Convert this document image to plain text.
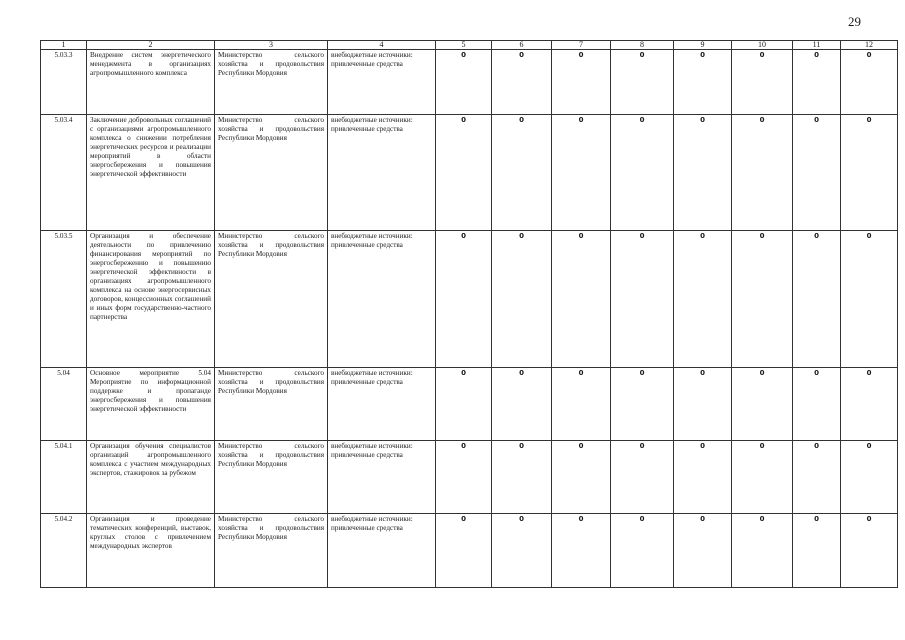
29
1	2	3	4	5	6	7	8	9	10	11	12
5.03.3	Внедрение систем энергетического менеджмента в организациях агропромышленного комплекса	Министерство сельского хозяйства и продовольствия Республики Мордовия	внебюджетные источники: привлеченные средства	0	0	0	0	0	0	0	0
5.03.4	Заключение добровольных соглашений с организациями агропромышленного комплекса о снижении потребления энергетических ресурсов и реализации мероприятий в области энергосбережения и повышения энергетической эффективности	Министерство сельского хозяйства и продовольствия Республики Мордовия	внебюджетные источники: привлеченные средства	0	0	0	0	0	0	0	0
5.03.5	Организация и обеспечение деятельности по привлечению финансирования мероприятий по энергосбережению и повышению энергетической эффективности в организациях агропромышленного комплекса на основе энергосервисных договоров, концессионных соглашений и иных форм государственно-частного партнерства	Министерство сельского хозяйства и продовольствия Республики Мордовия	внебюджетные источники: привлеченные средства	0	0	0	0	0	0	0	0
5.04	Основное мероприятие 5.04 Мероприятие по информационной поддержке и пропаганде энергосбережения и повышения энергетической эффективности	Министерство сельского хозяйства и продовольствия Республики Мордовия	внебюджетные источники: привлеченные средства	0	0	0	0	0	0	0	0
5.04.1	Организация обучения специалистов организаций агропромышленного комплекса с участием международных экспертов, стажировок за рубежом	Министерство сельского хозяйства и продовольствия Республики Мордовия	внебюджетные источники: привлеченные средства	0	0	0	0	0	0	0	0
5.04.2	Организация и проведение тематических конференций, выставок, круглых столов с привлечением международных экспертов	Министерство сельского хозяйства и продовольствия Республики Мордовия	внебюджетные источники: привлеченные средства	0	0	0	0	0	0	0	0
